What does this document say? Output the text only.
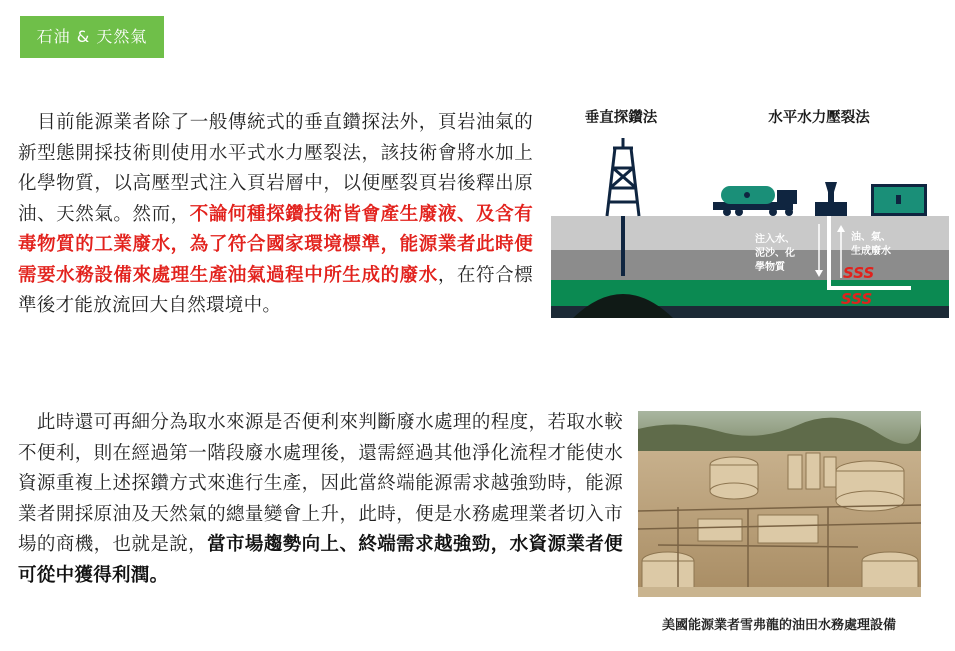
石油 & 天然氣

　目前能源業者除了一般傳統式的垂直鑽探法外，頁岩油氣的新型態開採技術則使用水平式水力壓裂法，該技術會將水加上化學物質，以高壓型式注入頁岩層中，以便壓裂頁岩後釋出原油、天然氣。然而，不論何種探鑽技術皆會產生廢液、及含有毒物質的工業廢水，為了符合國家環境標準，能源業者此時便需要水務設備來處理生產油氣過程中所生成的廢水，在符合標準後才能放流回大自然環境中。

　此時還可再細分為取水來源是否便利來判斷廢水處理的程度，若取水較不便利，則在經過第一階段廢水處理後，還需經過其他淨化流程才能使水資源重複上述探鑽方式來進行生產，因此當終端能源需求越強勁時，能源業者開採原油及天然氣的總量變會上升，此時，便是水務處理業者切入市場的商機，也就是說，當市場趨勢向上、終端需求越強勁，水資源業者便可從中獲得利潤。

垂直探鑽法	水平水力壓裂法
注入水、
泥沙、化
學物質
油、氣、
生成廢水
SSS
SSS
美國能源業者雪弗龍的油田水務處理設備
